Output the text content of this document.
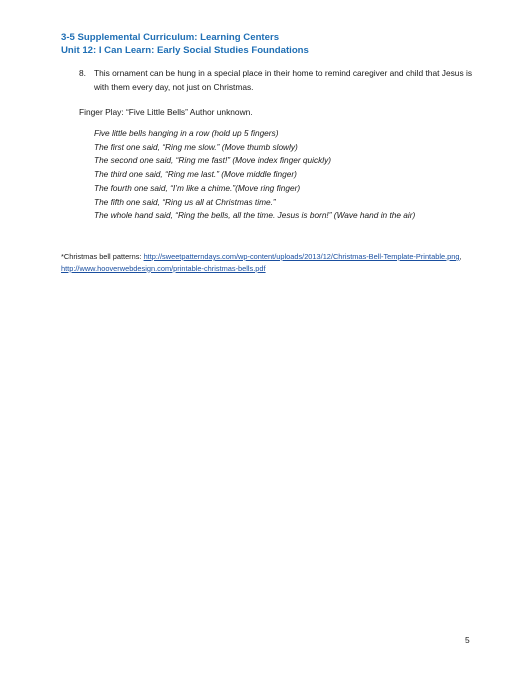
3-5 Supplemental Curriculum: Learning Centers
Unit 12: I Can Learn: Early Social Studies Foundations
8. This ornament can be hung in a special place in their home to remind caregiver and child that Jesus is with them every day, not just on Christmas.
Finger Play: “Five Little Bells” Author unknown.
Five little bells hanging in a row (hold up 5 fingers)
The first one said, “Ring me slow.” (Move thumb slowly)
The second one said, “Ring me fast!” (Move index finger quickly)
The third one said, “Ring me last.” (Move middle finger)
The fourth one said, “I’m like a chime.”(Move ring finger)
The fifth one said, “Ring us all at Christmas time.”
The whole hand said, “Ring the bells, all the time. Jesus is born!” (Wave hand in the air)
*Christmas bell patterns: http://sweetpatterndays.com/wp-content/uploads/2013/12/Christmas-Bell-Template-Printable.png, http://www.hooverwebdesign.com/printable-christmas-bells.pdf
5
